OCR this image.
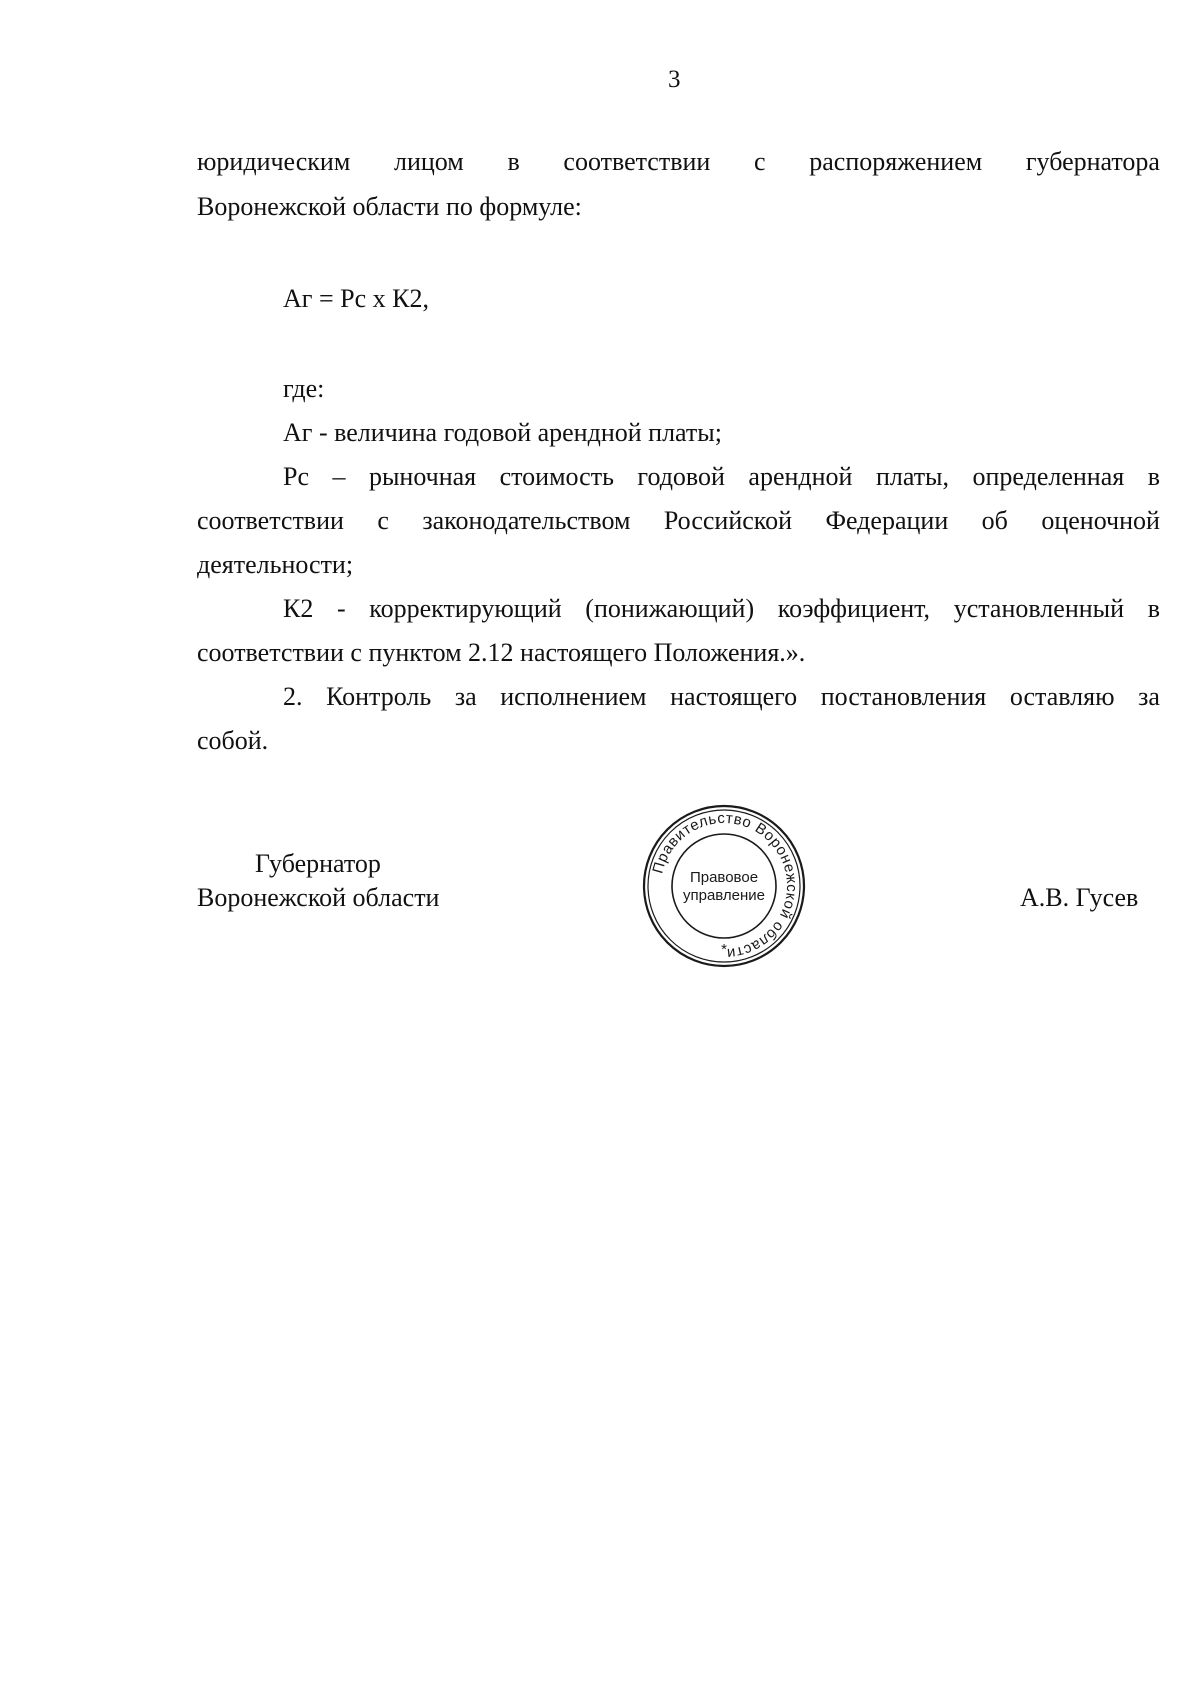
3
юридическим лицом в соответствии с распоряжением губернатора
Воронежской области по формуле:
Аг = Рс х К2,
где:
Аг - величина годовой арендной платы;
Рс – рыночная стоимость годовой арендной платы, определенная в
соответствии с законодательством Российской Федерации об оценочной
деятельности;
К2 - корректирующий (понижающий) коэффициент, установленный в
соответствии с пунктом 2.12 настоящего Положения.».
2. Контроль за исполнением настоящего постановления оставляю за
собой.
Губернатор
Воронежской области	А.В. Гусев
Правительство Воронежской области
Правовое
управление
*
